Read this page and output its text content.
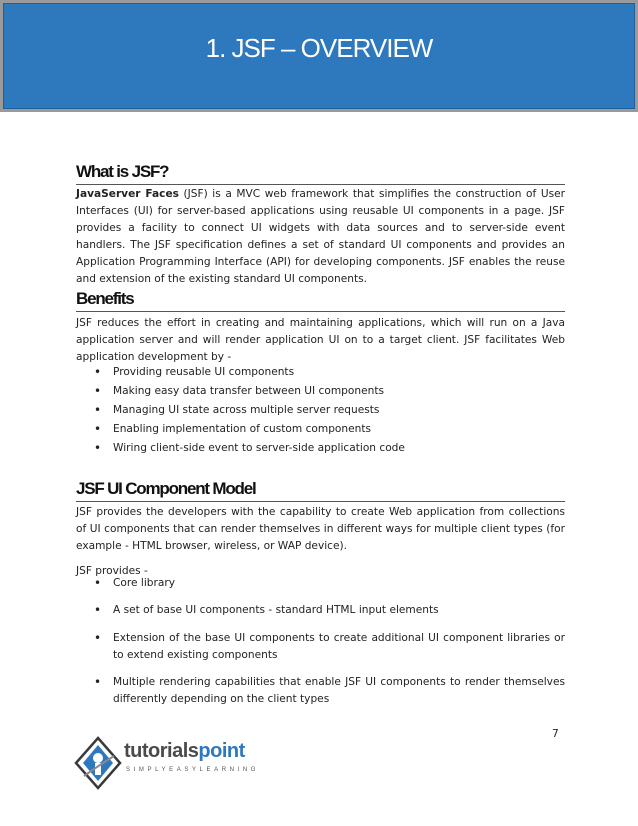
1. JSF – OVERVIEW
What is JSF?

JavaServer Faces (JSF) is a MVC web framework that simplifies the construction of User Interfaces (UI) for server-based applications using reusable UI components in a page. JSF provides a facility to connect UI widgets with data sources and to server-side event handlers. The JSF specification defines a set of standard UI components and provides an Application Programming Interface (API) for developing components. JSF enables the reuse and extension of the existing standard UI components.

Benefits

JSF reduces the effort in creating and maintaining applications, which will run on a Java application server and will render application UI on to a target client. JSF facilitates Web application development by -

• Providing reusable UI components
• Making easy data transfer between UI components
• Managing UI state across multiple server requests
• Enabling implementation of custom components
• Wiring client-side event to server-side application code
JSF UI Component Model

JSF provides the developers with the capability to create Web application from collections of UI components that can render themselves in different ways for multiple client types (for example - HTML browser, wireless, or WAP device).

JSF provides -

• Core library
• A set of base UI components - standard HTML input elements
• Extension of the base UI components to create additional UI component libraries or to extend existing components
• Multiple rendering capabilities that enable JSF UI components to render themselves differently depending on the client types
7
tutorialspoint
SIMPLYEASYLEARNING
